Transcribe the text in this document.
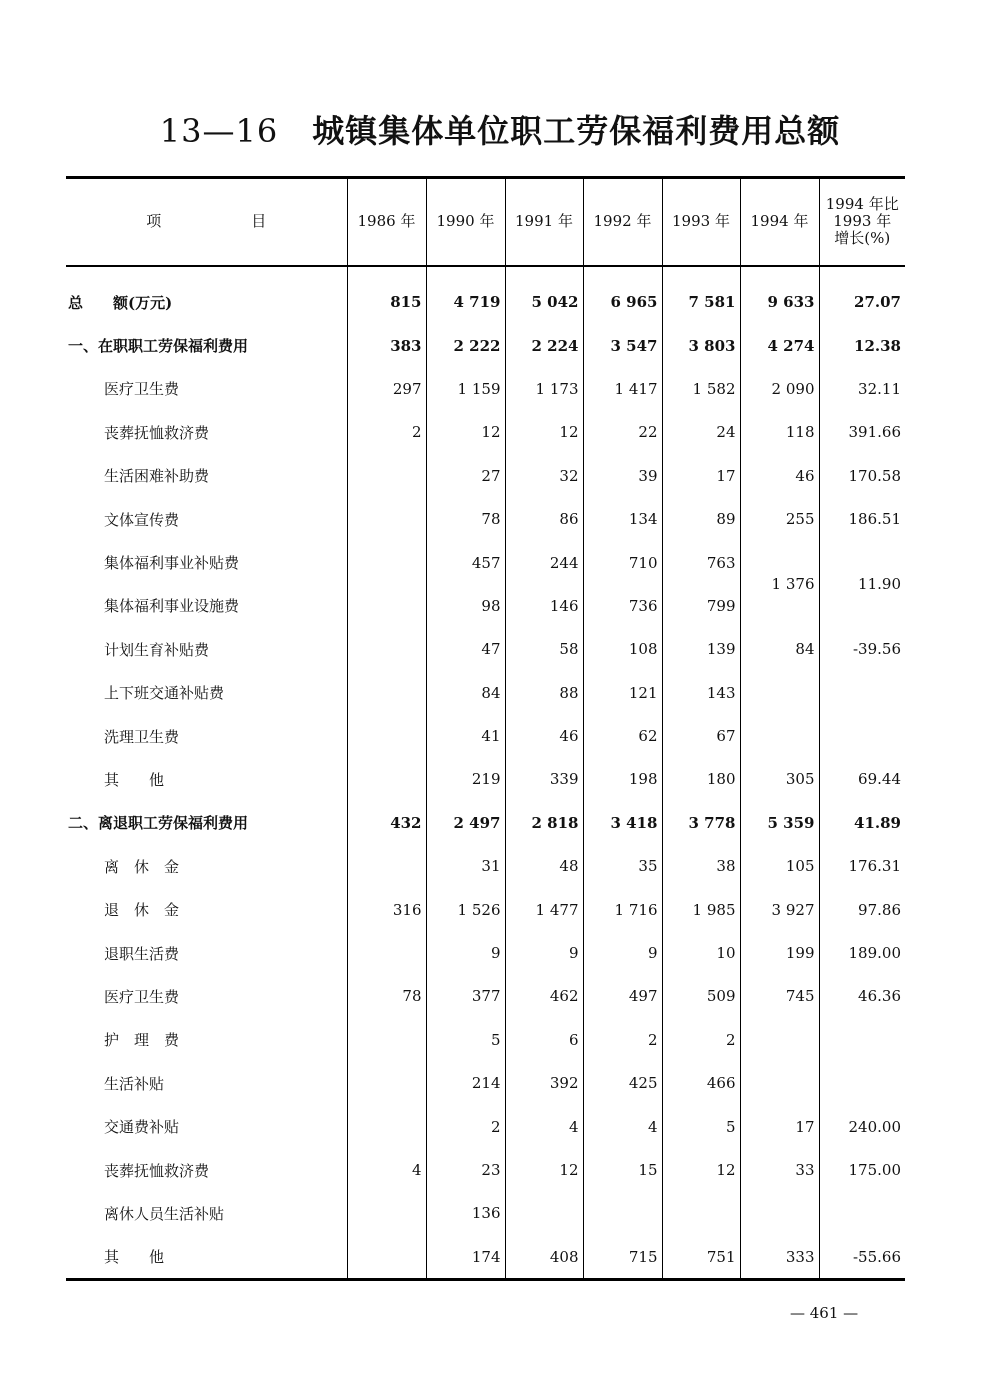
13—16 城镇集体单位职工劳保福利费用总额
项　　　　　　目	1986 年	1990 年	1991 年	1992 年	1993 年	1994 年	1994 年比
1993 年
增长(%)

总　　额(万元)	815	4 719	5 042	6 965	7 581	9 633	27.07
一、在职职工劳保福利费用	383	2 222	2 224	3 547	3 803	4 274	12.38
医疗卫生费	297	1 159	1 173	1 417	1 582	2 090	32.11
丧葬抚恤救济费	2	12	12	22	24	118	391.66
生活困难补助费		27	32	39	17	46	170.58
文体宣传费		78	86	134	89	255	186.51
集体福利事业补贴费		457	244	710	763	1 376	11.90
集体福利事业设施费		98	146	736	799		
计划生育补贴费		47	58	108	139	84	-39.56
上下班交通补贴费		84	88	121	143		
洗理卫生费		41	46	62	67		
其　　他		219	339	198	180	305	69.44
二、离退职工劳保福利费用	432	2 497	2 818	3 418	3 778	5 359	41.89
离　休　金		31	48	35	38	105	176.31
退　休　金	316	1 526	1 477	1 716	1 985	3 927	97.86
退职生活费		9	9	9	10	199	189.00
医疗卫生费	78	377	462	497	509	745	46.36
护　理　费		5	6	2	2		
生活补贴		214	392	425	466		
交通费补贴		2	4	4	5	17	240.00
丧葬抚恤救济费	4	23	12	15	12	33	175.00
离休人员生活补贴		136					
其　　他		174	408	715	751	333	-55.66
— 461 —
